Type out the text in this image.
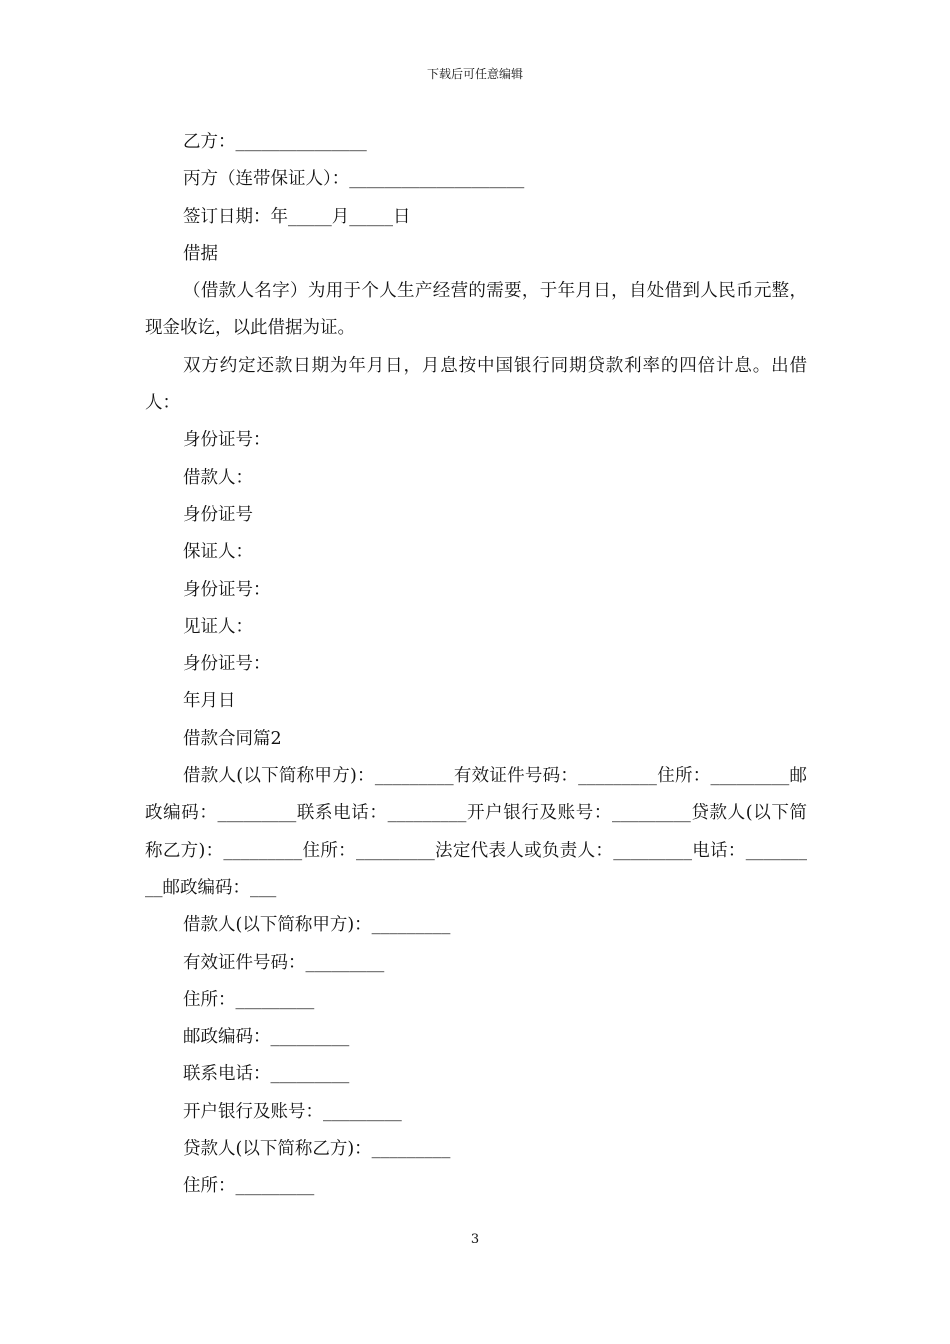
下载后可任意编辑

乙方：_______________

丙方（连带保证人）：____________________

签订日期：年_____月_____日

借据

（借款人名字）为用于个人生产经营的需要，于年月日，自处借到人民币元整，现金收讫，以此借据为证。

双方约定还款日期为年月日，月息按中国银行同期贷款利率的四倍计息。出借人：

身份证号：

借款人：

身份证号

保证人：

身份证号：

见证人：

身份证号：

年月日

借款合同篇2

借款人(以下简称甲方)：_________有效证件号码：_________住所：_________邮政编码：_________联系电话：_________开户银行及账号：_________贷款人(以下简称乙方)：_________住所：_________法定代表人或负责人：_________电话：_________邮政编码：___

借款人(以下简称甲方)：_________

有效证件号码：_________

住所：_________

邮政编码：_________

联系电话：_________

开户银行及账号：_________

贷款人(以下简称乙方)：_________

住所：_________

3
